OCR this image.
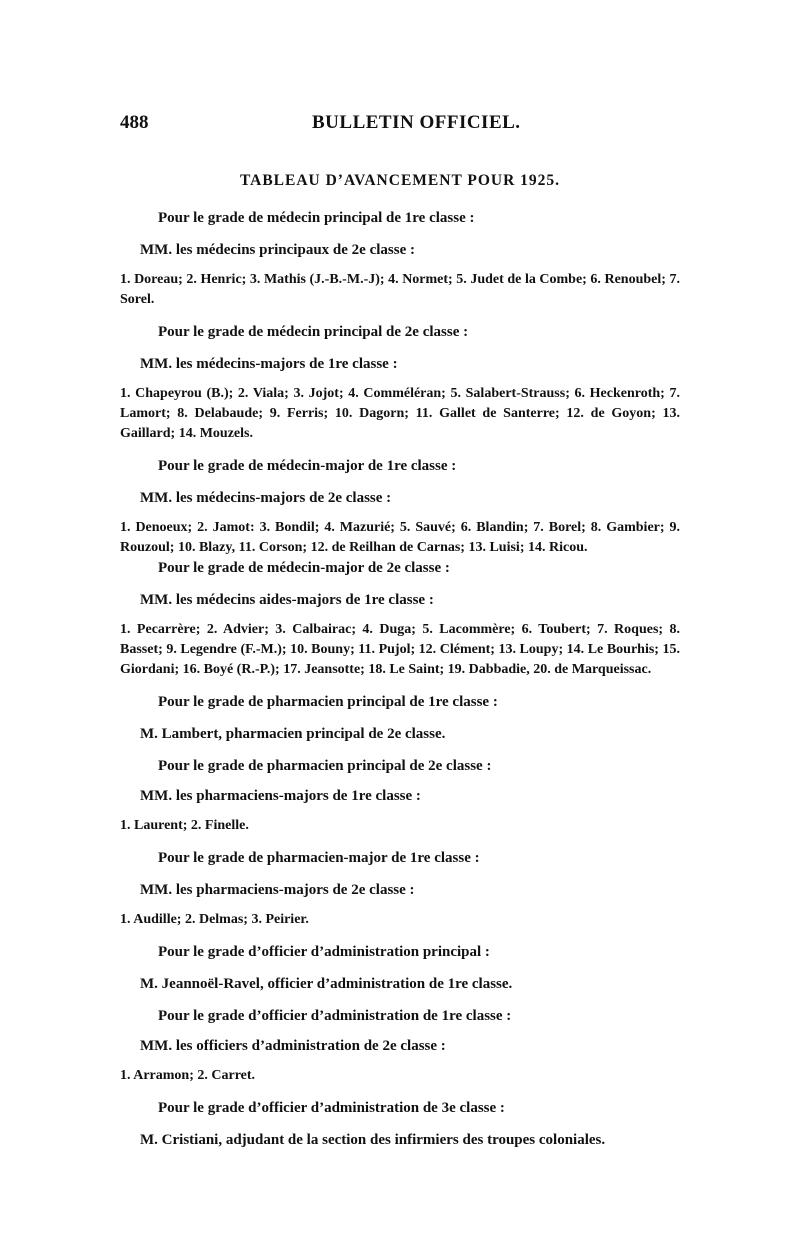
488	BULLETIN OFFICIEL.
TABLEAU D’AVANCEMENT POUR 1925.

Pour le grade de médecin principal de 1re classe :

MM. les médecins principaux de 2e classe :

1. Doreau; 2. Henric; 3. Mathis (J.-B.-M.-J); 4. Normet; 5. Judet de la Combe; 6. Renoubel; 7. Sorel.

Pour le grade de médecin principal de 2e classe :

MM. les médecins-majors de 1re classe :

1. Chapeyrou (B.); 2. Viala; 3. Jojot; 4. Comméléran; 5. Salabert-Strauss; 6. Heckenroth; 7. Lamort; 8. Delabaude; 9. Ferris; 10. Dagorn; 11. Gallet de Santerre; 12. de Goyon; 13. Gaillard; 14. Mouzels.

Pour le grade de médecin-major de 1re classe :

MM. les médecins-majors de 2e classe :

1. Denoeux; 2. Jamot: 3. Bondil; 4. Mazurié; 5. Sauvé; 6. Blandin; 7. Borel; 8. Gambier; 9. Rouzoul; 10. Blazy, 11. Corson; 12. de Reilhan de Carnas; 13. Luisi; 14. Ricou.

Pour le grade de médecin-major de 2e classe :

MM. les médecins aides-majors de 1re classe :

1. Pecarrère; 2. Advier; 3. Calbairac; 4. Duga; 5. Lacommère; 6. Toubert; 7. Roques; 8. Basset; 9. Legendre (F.-M.); 10. Bouny; 11. Pujol; 12. Clément; 13. Loupy; 14. Le Bourhis; 15. Giordani; 16. Boyé (R.-P.); 17. Jeansotte; 18. Le Saint; 19. Dabbadie, 20. de Marqueissac.

Pour le grade de pharmacien principal de 1re classe :

M. Lambert, pharmacien principal de 2e classe.

Pour le grade de pharmacien principal de 2e classe :

MM. les pharmaciens-majors de 1re classe :

1. Laurent; 2. Finelle.

Pour le grade de pharmacien-major de 1re classe :

MM. les pharmaciens-majors de 2e classe :

1. Audille; 2. Delmas; 3. Peirier.

Pour le grade d’officier d’administration principal :

M. Jeannoël-Ravel, officier d’administration de 1re classe.

Pour le grade d’officier d’administration de 1re classe :

MM. les officiers d’administration de 2e classe :

1. Arramon; 2. Carret.

Pour le grade d’officier d’administration de 3e classe :

M. Cristiani, adjudant de la section des infirmiers des troupes coloniales.
